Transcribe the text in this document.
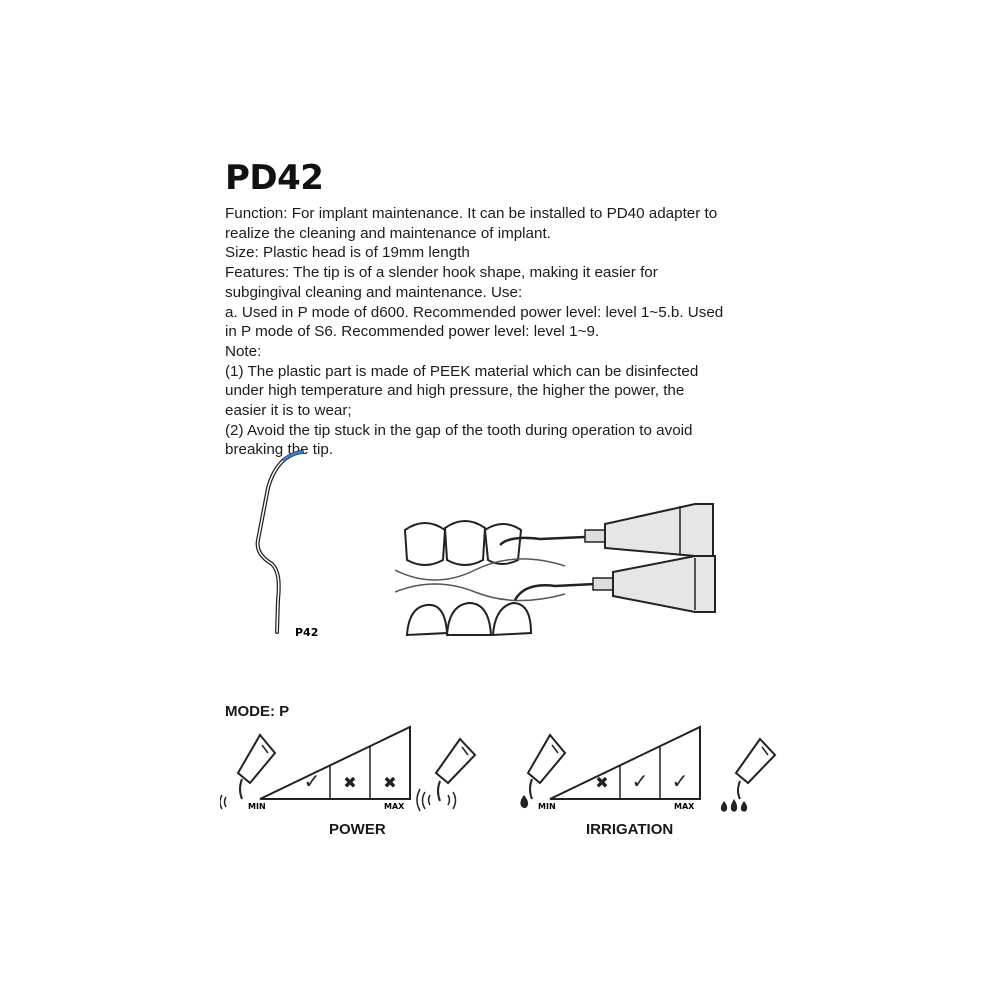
PD42
Function: For implant maintenance. It can be installed to PD40 adapter to
realize the cleaning and maintenance of implant.
Size: Plastic head is of 19mm length
Features: The tip is of a slender hook shape, making it easier for
subgingival cleaning and maintenance. Use:
a. Used in P mode of d600. Recommended power level: level 1~5.b. Used
in P mode of S6. Recommended power level: level 1~9.
Note:
(1) The plastic part is made of PEEK material which can be disinfected
under high temperature and high pressure, the higher the power, the
easier it is to wear;
(2) Avoid the tip stuck in the gap of the tooth during operation to avoid
breaking the tip.
P42
MODE: P
✓ ✖ ✖
MIN	MAX
POWER
✖ ✓ ✓
MIN	MAX
IRRIGATION
